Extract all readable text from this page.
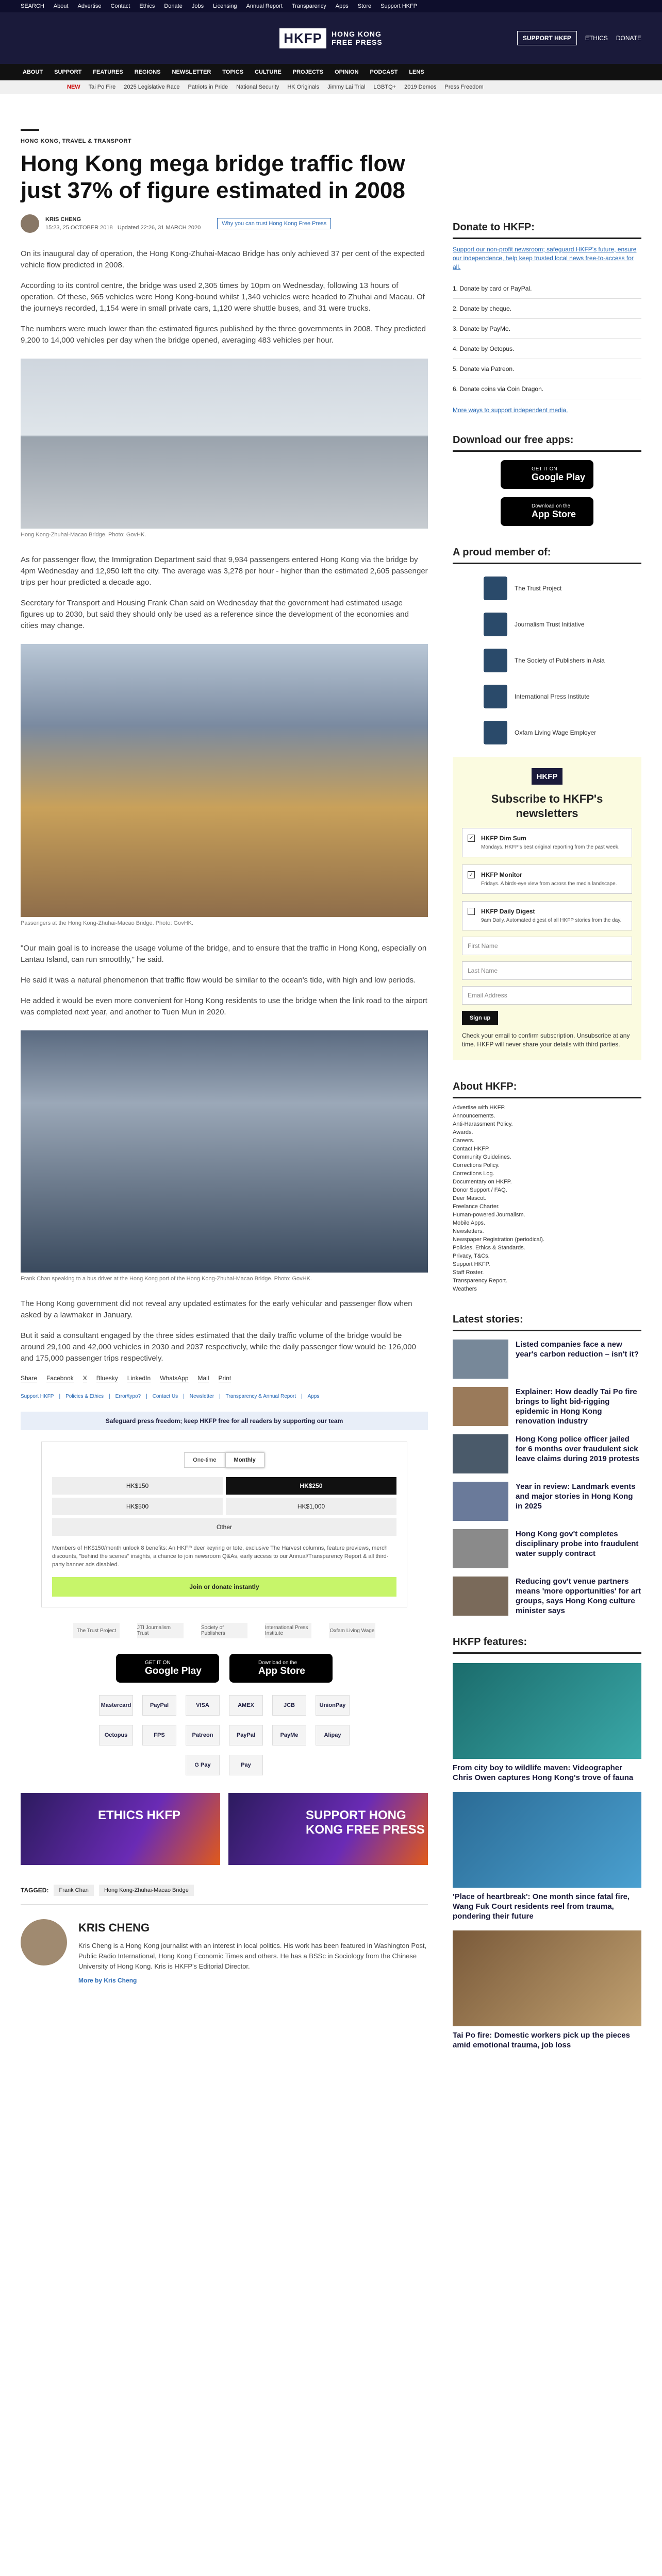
SEARCH About Advertise Contact Ethics Donate Jobs Licensing Annual Report Transparency Apps Store Support HKFP
HKFP	HONG KONG
FREE PRESS	SUPPORT HKFP	ETHICS DONATE
ABOUT SUPPORT FEATURES REGIONS NEWSLETTER TOPICS CULTURE PROJECTS OPINION PODCAST LENS
NEW Tai Po Fire 2025 Legislative Race Patriots in Pride National Security HK Originals Jimmy Lai Trial LGBTQ+ 2019 Demos Press Freedom
HONG KONG, TRAVEL & TRANSPORT
Hong Kong mega bridge traffic flow just 37% of figure estimated in 2008
KRIS CHENG
15:23, 25 OCTOBER 2018 Updated 22:26, 31 MARCH 2020
Why you can trust Hong Kong Free Press

On its inaugural day of operation, the Hong Kong-Zhuhai-Macao Bridge has only achieved 37 per cent of the expected vehicle flow predicted in 2008.

According to its control centre, the bridge was used 2,305 times by 10pm on Wednesday, following 13 hours of operation. Of these, 965 vehicles were Hong Kong-bound whilst 1,340 vehicles were headed to Zhuhai and Macau. Of the journeys recorded, 1,154 were in small private cars, 1,120 were shuttle buses, and 31 were trucks.

The numbers were much lower than the estimated figures published by the three governments in 2008. They predicted 9,200 to 14,000 vehicles per day when the bridge opened, averaging 483 vehicles per hour.

Hong Kong-Zhuhai-Macao Bridge. Photo: GovHK.

As for passenger flow, the Immigration Department said that 9,934 passengers entered Hong Kong via the bridge by 4pm Wednesday and 12,950 left the city. The average was 3,278 per hour - higher than the estimated 2,605 passenger trips per hour predicted a decade ago.

Secretary for Transport and Housing Frank Chan said on Wednesday that the government had estimated usage figures up to 2030, but said they should only be used as a reference since the development of the economies and cities may change.

Passengers at the Hong Kong-Zhuhai-Macao Bridge. Photo: GovHK.

"Our main goal is to increase the usage volume of the bridge, and to ensure that the traffic in Hong Kong, especially on Lantau Island, can run smoothly," he said.

He said it was a natural phenomenon that traffic flow would be similar to the ocean's tide, with high and low periods.

He added it would be even more convenient for Hong Kong residents to use the bridge when the link road to the airport was completed next year, and another to Tuen Mun in 2020.

Frank Chan speaking to a bus driver at the Hong Kong port of the Hong Kong-Zhuhai-Macao Bridge. Photo: GovHK.

The Hong Kong government did not reveal any updated estimates for the early vehicular and passenger flow when asked by a lawmaker in January.

But it said a consultant engaged by the three sides estimated that the daily traffic volume of the bridge would be around 29,100 and 42,000 vehicles in 2030 and 2037 respectively, while the daily passenger flow would be 126,000 and 175,000 passenger trips respectively.

Share Facebook X Bluesky LinkedIn WhatsApp Mail Print
Support HKFP | Policies & Ethics | Error/typo? | Contact Us | Newsletter | Transparency & Annual Report | Apps
Safeguard press freedom; keep HKFP free for all readers by supporting our team
One-time	Monthly
HK$150	HK$250
HK$500	HK$1,000
Other
Members of HK$150/month unlock 8 benefits: An HKFP deer keyring or tote, exclusive The Harvest columns, feature previews, merch discounts, "behind the scenes" insights, a chance to join newsroom Q&As, early access to our Annual/Transparency Report & all third-party banner ads disabled.
Join or donate instantly
The Trust Project	JTI Journalism Trust
Society of Publishers
International Press Institute	Oxfam Living Wage
GET IT ON
Google Play
Download on the
App Store
Mastercard	PayPal	VISA	AMEX	JCB	UnionPay
Octopus	FPS	Patreon	PayPal	PayMe	Alipay
G Pay	Pay
ETHICS HKFP	SUPPORT HONG KONG FREE PRESS
TAGGED:	Frank Chan	Hong Kong-Zhuhai-Macao Bridge
KRIS CHENG

Kris Cheng is a Hong Kong journalist with an interest in local politics. His work has been featured in Washington Post, Public Radio International, Hong Kong Economic Times and others. He has a BSSc in Sociology from the Chinese University of Hong Kong. Kris is HKFP's Editorial Director.

More by Kris Cheng
Donate to HKFP:
Support our non-profit newsroom; safeguard HKFP's future, ensure our independence, help keep trusted local news free-to-access for all.
1. Donate by card or PayPal.
2. Donate by cheque.
3. Donate by PayMe.
4. Donate by Octopus.
5. Donate via Patreon.
6. Donate coins via Coin Dragon.
More ways to support independent media.
Download our free apps:
GET IT ON
Google Play
Download on the
App Store
A proud member of:
The Trust Project
Journalism Trust Initiative
The Society of Publishers in Asia
International Press Institute
Oxfam Living Wage Employer
HKFP
Subscribe to HKFP's newsletters
✓ HKFP Dim Sum
Mondays. HKFP's best original reporting from the past week.
✓ HKFP Monitor
Fridays. A birds-eye view from across the media landscape.
HKFP Daily Digest
9am Daily. Automated digest of all HKFP stories from the day.
First Name
Last Name
Email Address
Sign up
Check your email to confirm subscription. Unsubscribe at any time. HKFP will never share your details with third parties.
About HKFP:
Advertise with HKFP.
Announcements.
Anti-Harassment Policy.
Awards.
Careers.
Contact HKFP.
Community Guidelines.
Corrections Policy.
Corrections Log.
Documentary on HKFP.
Donor Support / FAQ.
Deer Mascot.
Freelance Charter.
Human-powered Journalism.
Mobile Apps.
Newsletters.
Newspaper Registration (periodical).
Policies, Ethics & Standards.
Privacy, T&Cs.
Support HKFP.
Staff Roster.
Transparency Report.
Weathers
Latest stories:
Listed companies face a new year's carbon reduction – isn't it?
Explainer: How deadly Tai Po fire brings to light bid-rigging epidemic in Hong Kong renovation industry
Hong Kong police officer jailed for 6 months over fraudulent sick leave claims during 2019 protests
Year in review: Landmark events and major stories in Hong Kong in 2025
Hong Kong gov't completes disciplinary probe into fraudulent water supply contract
Reducing gov't venue partners means 'more opportunities' for art groups, says Hong Kong culture minister says
HKFP features:
From city boy to wildlife maven: Videographer Chris Owen captures Hong Kong's trove of fauna
'Place of heartbreak': One month since fatal fire, Wang Fuk Court residents reel from trauma, pondering their future
Tai Po fire: Domestic workers pick up the pieces amid emotional trauma, job loss
